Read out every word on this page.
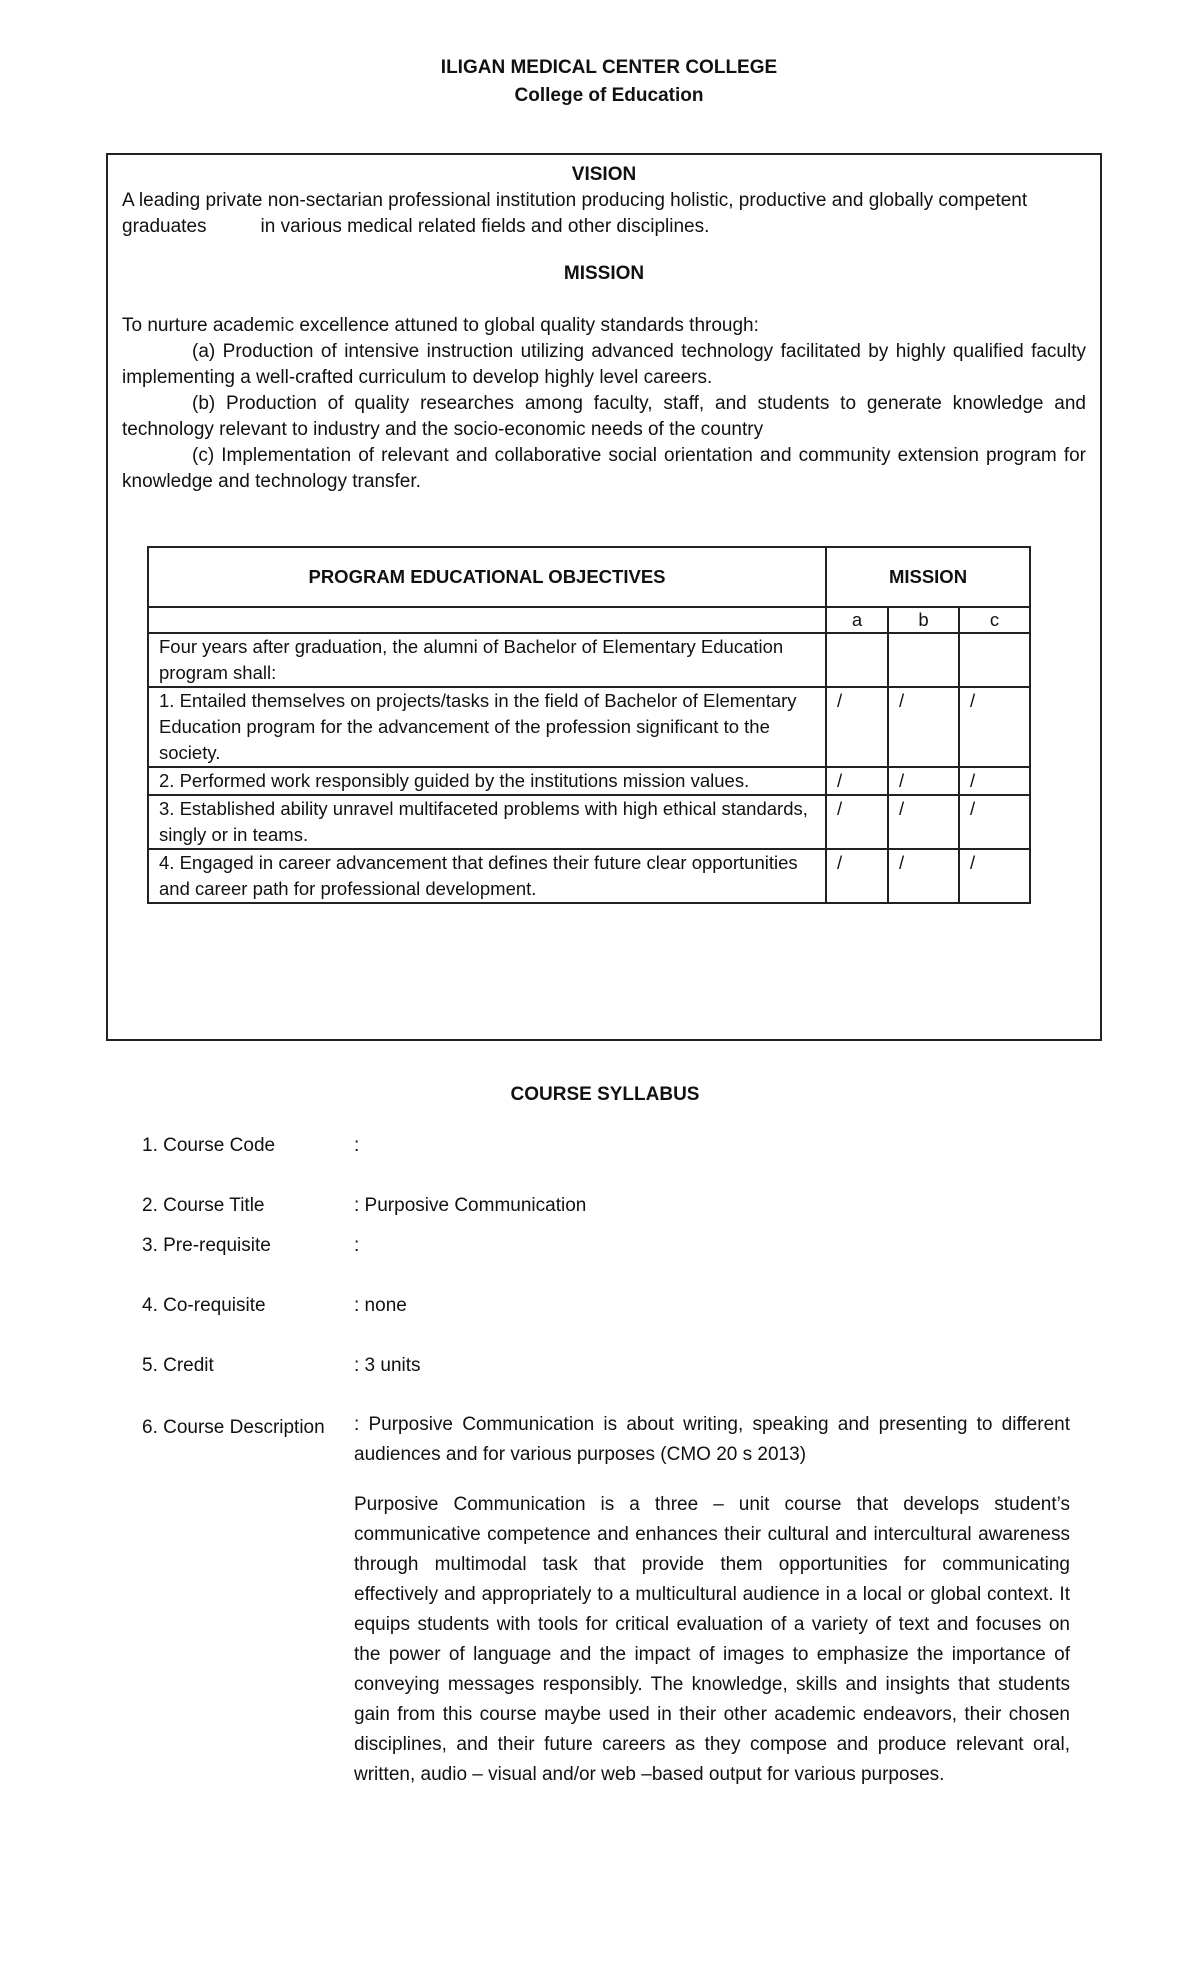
ILIGAN MEDICAL CENTER COLLEGE
College of Education
VISION
A leading private non-sectarian professional institution producing holistic, productive and globally competent
graduates	in various medical related fields and other disciplines.
MISSION
To nurture academic excellence attuned to global quality standards through:
(a) Production of intensive instruction utilizing advanced technology facilitated by highly qualified faculty implementing a well-crafted curriculum to develop highly level careers.
(b) Production of quality researches among faculty, staff, and students to generate knowledge and technology relevant to industry and the socio-economic needs of the country
(c) Implementation of relevant and collaborative social orientation and community extension program for knowledge and technology transfer.
PROGRAM EDUCATIONAL OBJECTIVES	MISSION		
	a	b	c
Four years after graduation, the alumni of Bachelor of Elementary Education program shall:			
1. Entailed themselves on projects/tasks in the field of Bachelor of Elementary Education program for the advancement of the profession significant to the society.	/	/	/
2. Performed work responsibly guided by the institutions mission values.	/	/	/
3. Established ability unravel multifaceted problems with high ethical standards, singly or in teams.	/	/	/
4. Engaged in career advancement that defines their future clear opportunities and career path for professional development.	/	/	/
COURSE SYLLABUS
1. Course Code	:
2. Course Title	: Purposive Communication
3. Pre-requisite	:
4. Co-requisite	: none
5. Credit	: 3 units
6. Course Description : Purposive Communication is about writing, speaking and presenting to different audiences and for various purposes (CMO 20 s 2013)
Purposive Communication is a three – unit course that develops student’s communicative competence and enhances their cultural and intercultural awareness through multimodal task that provide them opportunities for communicating effectively and appropriately to a multicultural audience in a local or global context. It equips students with tools for critical evaluation of a variety of text and focuses on the power of language and the impact of images to emphasize the importance of conveying messages responsibly. The knowledge, skills and insights that students gain from this course maybe used in their other academic endeavors, their chosen disciplines, and their future careers as they compose and produce relevant oral, written, audio – visual and/or web –based output for various purposes.
